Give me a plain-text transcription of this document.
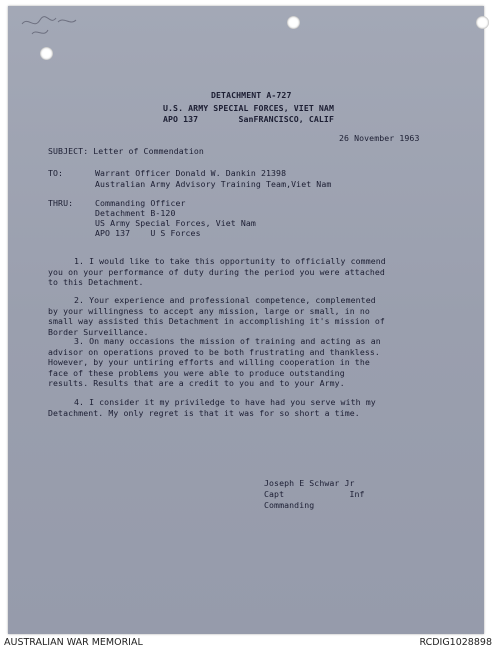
DETACHMENT A-727
U.S. ARMY SPECIAL FORCES, VIET NAM
APO 137        SanFRANCISCO, CALIF
26 November 1963
SUBJECT: Letter of Commendation
TO:	Warrant Officer Donald W. Dankin 21398
Australian Army Advisory Training Team,Viet Nam
THRU:	Commanding Officer
Detachment B-120
US Army Special Forces, Viet Nam
APO 137    U S Forces
1. I would like to take this opportunity to officially commend you on your performance of duty during the period you were attached to this Detachment.
2. Your experience and professional competence, complemented by your willingness to accept any mission, large or small, in no small way assisted this Detachment in accomplishing it's mission of Border Surveillance.
3. On many occasions the mission of training and acting as an advisor on operations proved to be both frustrating and thankless. However, by your untiring efforts and willing cooperation in the face of these problems you were able to produce outstanding results. Results that are a credit to you and to your Army.
4. I consider it my priviledge to have had you serve with my Detachment. My only regret is that it was for so short a time.
Joseph E Schwar Jr
Capt             Inf
Commanding
AUSTRALIAN WAR MEMORIAL	RCDIG1028898
